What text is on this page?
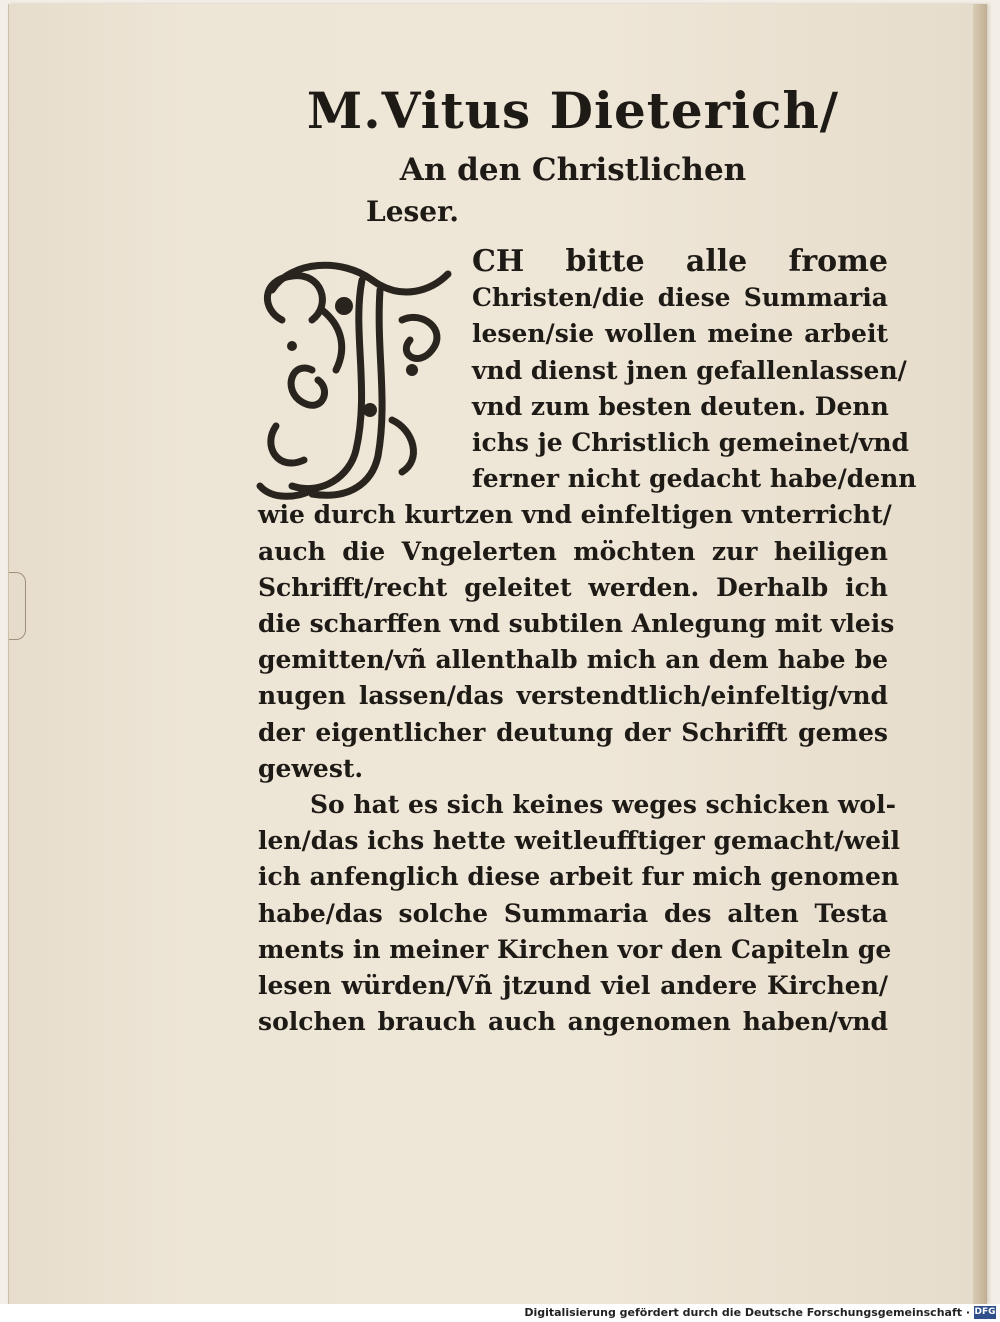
M.Vitus Dieterich/
An den Christlichen
Leser.
CH bitte alle frome
Christen/die diese Summaria
lesen/sie wollen meine arbeit
vnd dienst jnen gefallenlassen/
vnd zum besten deuten. Denn
ichs je Christlich gemeinet/vnd
ferner nicht gedacht habe/denn
wie durch kurtzen vnd einfeltigen vnterricht/
auch die Vngelerten möchten zur heiligen
Schrifft/recht geleitet werden. Derhalb ich
die scharffen vnd subtilen Anlegung mit vleis
gemitten/vñ allenthalb mich an dem habe be
nugen lassen/das verstendtlich/einfeltig/vnd
der eigentlicher deutung der Schrifft gemes
gewest.
So hat es sich keines weges schicken wol-
len/das ichs hette weitleufftiger gemacht/weil
ich anfenglich diese arbeit fur mich genomen
habe/das solche Summaria des alten Testa
ments in meiner Kirchen vor den Capiteln ge
lesen würden/Vñ jtzund viel andere Kirchen/
solchen brauch auch angenomen haben/vnd
Digitalisierung gefördert durch die Deutsche Forschungsgemeinschaft · DFG
